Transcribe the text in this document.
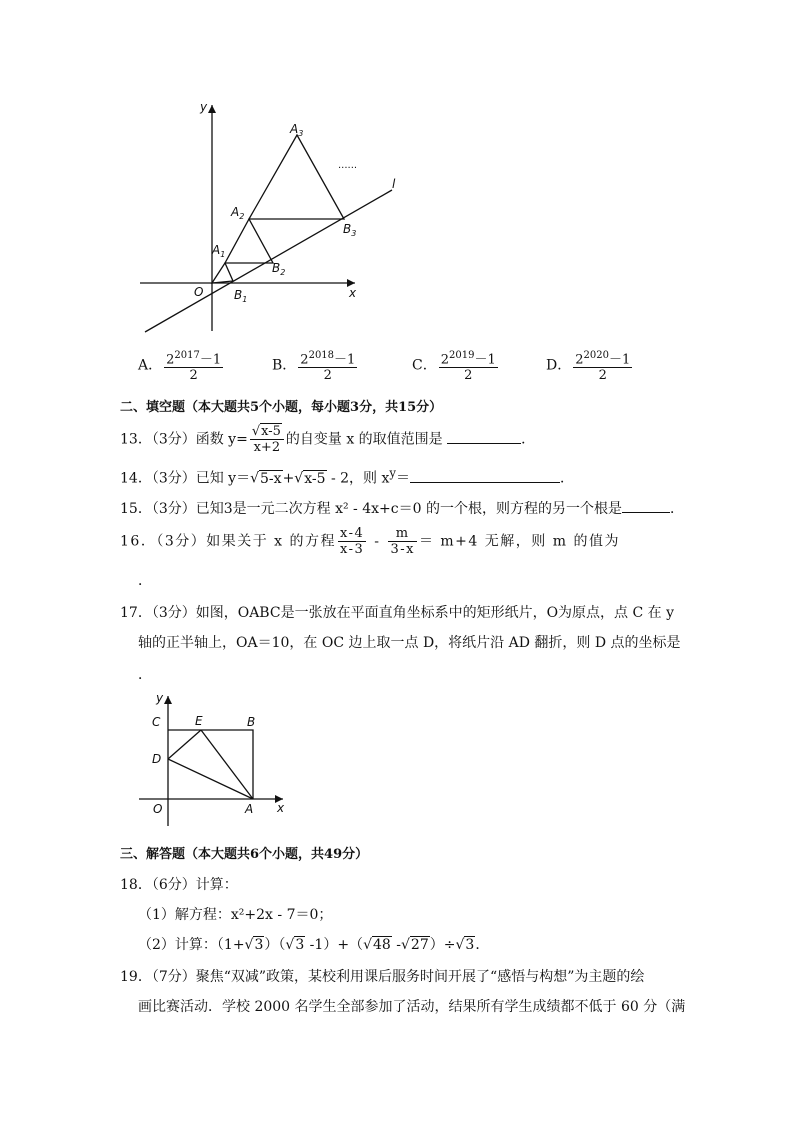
y
x
O
l
$A_3$
$A_2$
$A_1$
$B_3$
$B_2$
$B_1$
......
A． $\frac{2^{2017}-1}{2}$	B． $\frac{2^{2018}-1}{2}$	C． $\frac{2^{2019}-1}{2}$	D． $\frac{2^{2020}-1}{2}$
二、填空题（本大题共5个小题，每小题3分，共15分）
13．（3分）函数 $y= \frac{√x-5}{x+2}$ 的自变量 x 的取值范围是	．
14．（3分）已知 y＝√5-x+√x-5 - 2，则 $x^y=$	．
15．（3分）已知3是一元二次方程 x² - 4x+c＝0 的一个根，则方程的另一个根是	．
16．（3分）如果关于 x 的方程 $\frac{x-4}{x-3} - \frac{m}{3-x} = m+4$ 无解，则 m 的值为
．
17．（3分）如图，OABC是一张放在平面直角坐标系中的矩形纸片，O为原点，点 C 在 y
轴的正半轴上，OA＝10，在 OC 边上取一点 D，将纸片沿 AD 翻折，则 D 点的坐标是
．
y
x
O	A
B
C
D
E
三、解答题（本大题共6个小题，共49分）
18．（6分）计算：
（1）解方程：x²+2x - 7＝0；
（2）计算：（1+√3）（√3 -1）+（√48 -√27）÷√3．
19．（7分）聚焦“双减”政策，某校利用课后服务时间开展了“感悟与构想”为主题的绘
画比赛活动．学校 2000 名学生全部参加了活动，结果所有学生成绩都不低于 60 分（满
